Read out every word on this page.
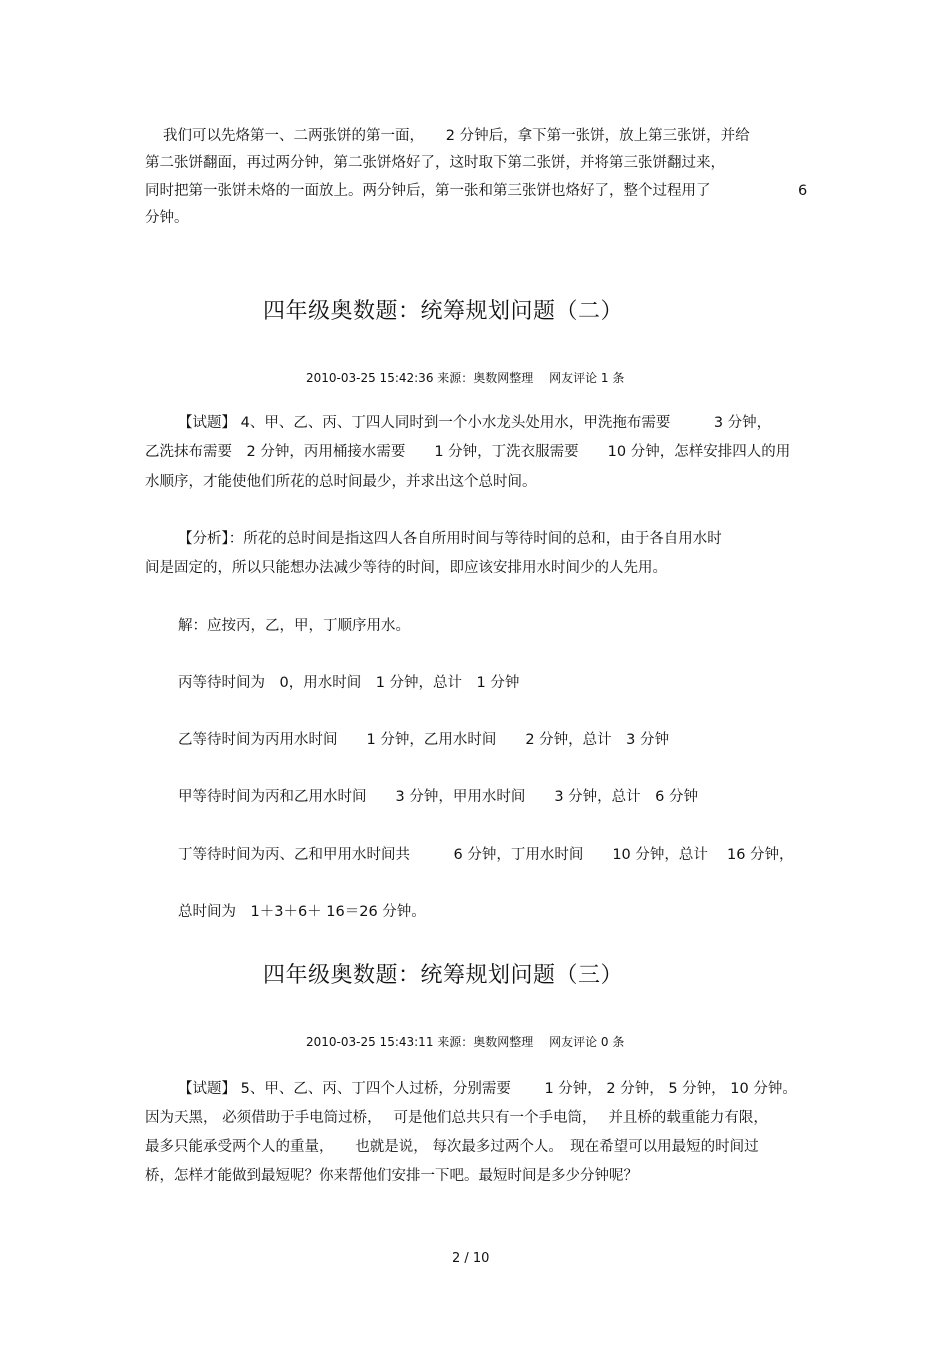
我们可以先烙第一、二两张饼的第一面，　　2 分钟后，拿下第一张饼，放上第三张饼，并给
第二张饼翻面，再过两分钟，第二张饼烙好了，这时取下第二张饼，并将第三张饼翻过来，
同时把第一张饼未烙的一面放上。两分钟后，第一张和第三张饼也烙好了，整个过程用了	6
分钟。
四年级奥数题：统筹规划问题（二）
2010-03-25 15:42:36 来源：奥数网整理　 网友评论 1 条
【试题】 4、甲、乙、丙、丁四人同时到一个小水龙头处用水，甲洗拖布需要　　　3 分钟，
乙洗抹布需要　2 分钟，丙用桶接水需要　　1 分钟，丁洗衣服需要　　10 分钟，怎样安排四人的用
水顺序，才能使他们所花的总时间最少，并求出这个总时间。
【分析】：所花的总时间是指这四人各自所用时间与等待时间的总和，由于各自用水时
间是固定的，所以只能想办法减少等待的时间，即应该安排用水时间少的人先用。
解：应按丙，乙，甲，丁顺序用水。
丙等待时间为　0，用水时间　1 分钟，总计　1 分钟
乙等待时间为丙用水时间　　1 分钟，乙用水时间　　2 分钟，总计　3 分钟
甲等待时间为丙和乙用水时间　　3 分钟，甲用水时间　　3 分钟，总计　6 分钟
丁等待时间为丙、乙和甲用水时间共　　　6 分钟，丁用水时间　　10 分钟，总计　 16 分钟，
总时间为　1＋3＋6＋ 16＝26 分钟。
四年级奥数题：统筹规划问题（三）
2010-03-25 15:43:11 来源：奥数网整理　 网友评论 0 条
【试题】 5、甲、乙、丙、丁四个人过桥，分别需要　　 1 分钟， 2 分钟， 5 分钟， 10 分钟。
因为天黑， 必须借助于手电筒过桥，　 可是他们总共只有一个手电筒，　 并且桥的载重能力有限，
最多只能承受两个人的重量，　　也就是说， 每次最多过两个人。　现在希望可以用最短的时间过
桥，怎样才能做到最短呢？你来帮他们安排一下吧。最短时间是多少分钟呢？
2 / 10
